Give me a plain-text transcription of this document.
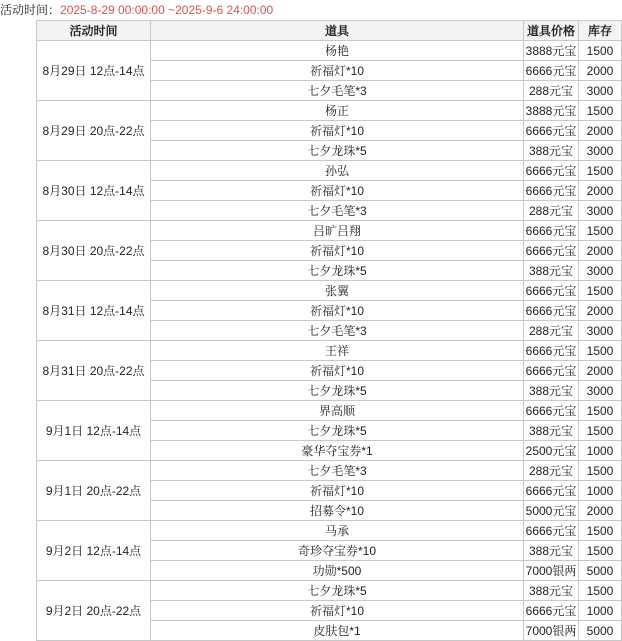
活动时间：2025-8-29 00:00:00 ~2025-9-6 24:00:00
活动时间	道具	道具价格	库存
8月29日 12点-14点	杨艳	3888元宝	1500
	祈福灯*10	6666元宝	2000
	七夕毛笔*3	288元宝	3000
8月29日 20点-22点	杨正	3888元宝	1500
	祈福灯*10	6666元宝	2000
	七夕龙珠*5	388元宝	3000
8月30日 12点-14点	孙弘	6666元宝	1500
	祈福灯*10	6666元宝	2000
	七夕毛笔*3	288元宝	3000
8月30日 20点-22点	吕旷吕翔	6666元宝	1500
	祈福灯*10	6666元宝	2000
	七夕龙珠*5	388元宝	3000
8月31日 12点-14点	张翼	6666元宝	1500
	祈福灯*10	6666元宝	2000
	七夕毛笔*3	288元宝	3000
8月31日 20点-22点	王祥	6666元宝	1500
	祈福灯*10	6666元宝	2000
	七夕龙珠*5	388元宝	3000
9月1日 12点-14点	界高顺	6666元宝	1500
	七夕龙珠*5	388元宝	1500
	豪华夺宝券*1	2500元宝	1000
9月1日 20点-22点	七夕毛笔*3	288元宝	1500
	祈福灯*10	6666元宝	1000
	招募令*10	5000元宝	2000
9月2日 12点-14点	马承	6666元宝	1500
	奇珍夺宝券*10	388元宝	1500
	功勋*500	7000银两	5000
9月2日 20点-22点	七夕龙珠*5	388元宝	1500
	祈福灯*10	6666元宝	1000
	皮肤包*1	7000银两	5000
